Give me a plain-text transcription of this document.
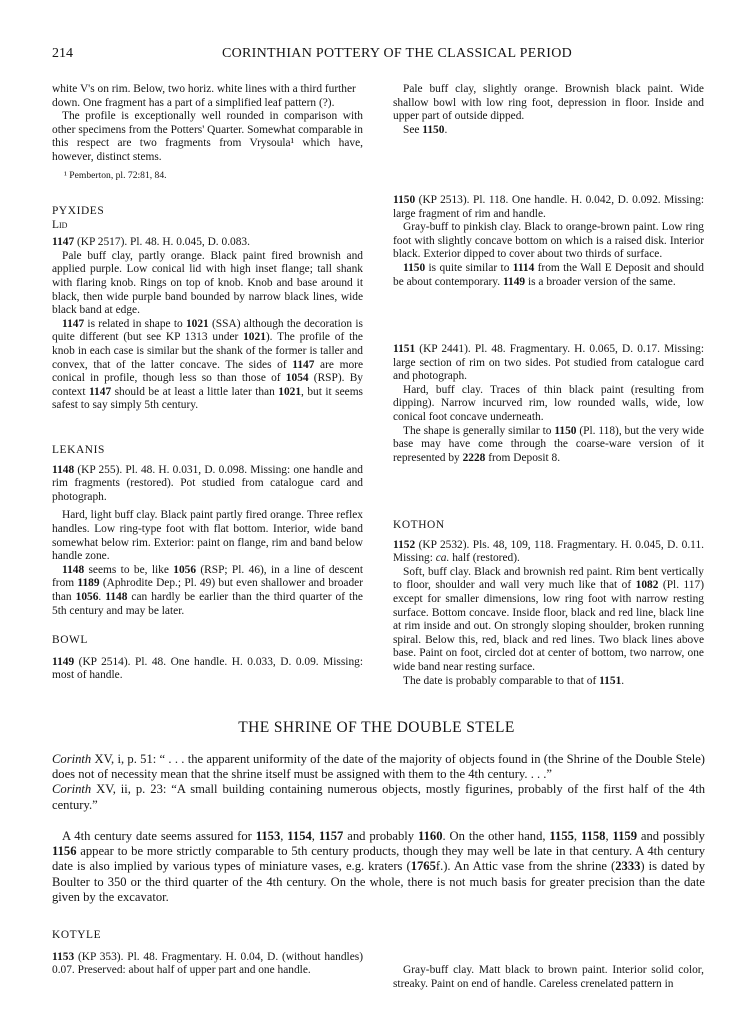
214	CORINTHIAN POTTERY OF THE CLASSICAL PERIOD

white V's on rim. Below, two horiz. white lines with a third further

down. One fragment has a part of a simplified leaf pattern (?).

The profile is exceptionally well rounded in comparison with other specimens from the Potters' Quarter. Somewhat comparable in this respect are two fragments from Vrysoula¹ which have, however, distinct stems.

¹ Pemberton, pl. 72:81, 84.

PYXIDES

Lid

1147 (KP 2517). Pl. 48. H. 0.045, D. 0.083.

Pale buff clay, partly orange. Black paint fired brownish and applied purple. Low conical lid with high inset flange; tall shank with flaring knob. Rings on top of knob. Knob and base around it black, then wide purple band bounded by narrow black lines, wide black band at edge.

1147 is related in shape to 1021 (SSA) although the decoration is quite different (but see KP 1313 under 1021). The profile of the knob in each case is similar but the shank of the former is taller and convex, that of the latter concave. The sides of 1147 are more conical in profile, though less so than those of 1054 (RSP). By context 1147 should be at least a little later than 1021, but it seems safest to say simply 5th century.

LEKANIS

1148 (KP 255). Pl. 48. H. 0.031, D. 0.098. Missing: one handle and rim fragments (restored). Pot studied from catalogue card and photograph.

Hard, light buff clay. Black paint partly fired orange. Three reflex handles. Low ring-type foot with flat bottom. Interior, wide band somewhat below rim. Exterior: paint on flange, rim and band below handle zone.

1148 seems to be, like 1056 (RSP; Pl. 46), in a line of descent from 1189 (Aphrodite Dep.; Pl. 49) but even shallower and broader than 1056. 1148 can hardly be earlier than the third quarter of the 5th century and may be later.

BOWL

1149 (KP 2514). Pl. 48. One handle. H. 0.033, D. 0.09. Missing: most of handle.

Pale buff clay, slightly orange. Brownish black paint. Wide shallow bowl with low ring foot, depression in floor. Inside and upper part of outside dipped.

See 1150.

1150 (KP 2513). Pl. 118. One handle. H. 0.042, D. 0.092. Missing: large fragment of rim and handle.

Gray-buff to pinkish clay. Black to orange-brown paint. Low ring foot with slightly concave bottom on which is a raised disk. Interior black. Exterior dipped to cover about two thirds of surface.

1150 is quite similar to 1114 from the Wall E Deposit and should be about contemporary. 1149 is a broader version of the same.

1151 (KP 2441). Pl. 48. Fragmentary. H. 0.065, D. 0.17. Missing: large section of rim on two sides. Pot studied from catalogue card and photograph.

Hard, buff clay. Traces of thin black paint (resulting from dipping). Narrow incurved rim, low rounded walls, wide, low conical foot concave underneath.

The shape is generally similar to 1150 (Pl. 118), but the very wide base may have come through the coarse-ware version of it represented by 2228 from Deposit 8.

KOTHON

1152 (KP 2532). Pls. 48, 109, 118. Fragmentary. H. 0.045, D. 0.11. Missing: ca. half (restored).

Soft, buff clay. Black and brownish red paint. Rim bent vertically to floor, shoulder and wall very much like that of 1082 (Pl. 117) except for smaller dimensions, low ring foot with narrow resting surface. Bottom concave. Inside floor, black and red line, black line at rim inside and out. On strongly sloping shoulder, broken running spiral. Below this, red, black and red lines. Two black lines above base. Paint on foot, circled dot at center of bottom, two narrow, one wide band near resting surface.

The date is probably comparable to that of 1151.

THE SHRINE OF THE DOUBLE STELE

Corinth XV, i, p. 51: “ . . . the apparent uniformity of the date of the majority of objects found in (the Shrine of the Double Stele) does not of necessity mean that the shrine itself must be assigned with them to the 4th century. . . .”

Corinth XV, ii, p. 23: “A small building containing numerous objects, mostly figurines, probably of the first half of the 4th century.”

A 4th century date seems assured for 1153, 1154, 1157 and probably 1160. On the other hand, 1155, 1158, 1159 and possibly 1156 appear to be more strictly comparable to 5th century products, though they may well be late in that century. A 4th century date is also implied by various types of miniature vases, e.g. kraters (1765f.). An Attic vase from the shrine (2333) is dated by Boulter to 350 or the third quarter of the 4th century. On the whole, there is not much basis for greater precision than the date given by the excavator.

KOTYLE

1153 (KP 353). Pl. 48. Fragmentary. H. 0.04, D. (without handles) 0.07. Preserved: about half of upper part and one handle.	Gray-buff clay. Matt black to brown paint. Interior solid color, streaky. Paint on end of handle. Careless crenelated pattern in
